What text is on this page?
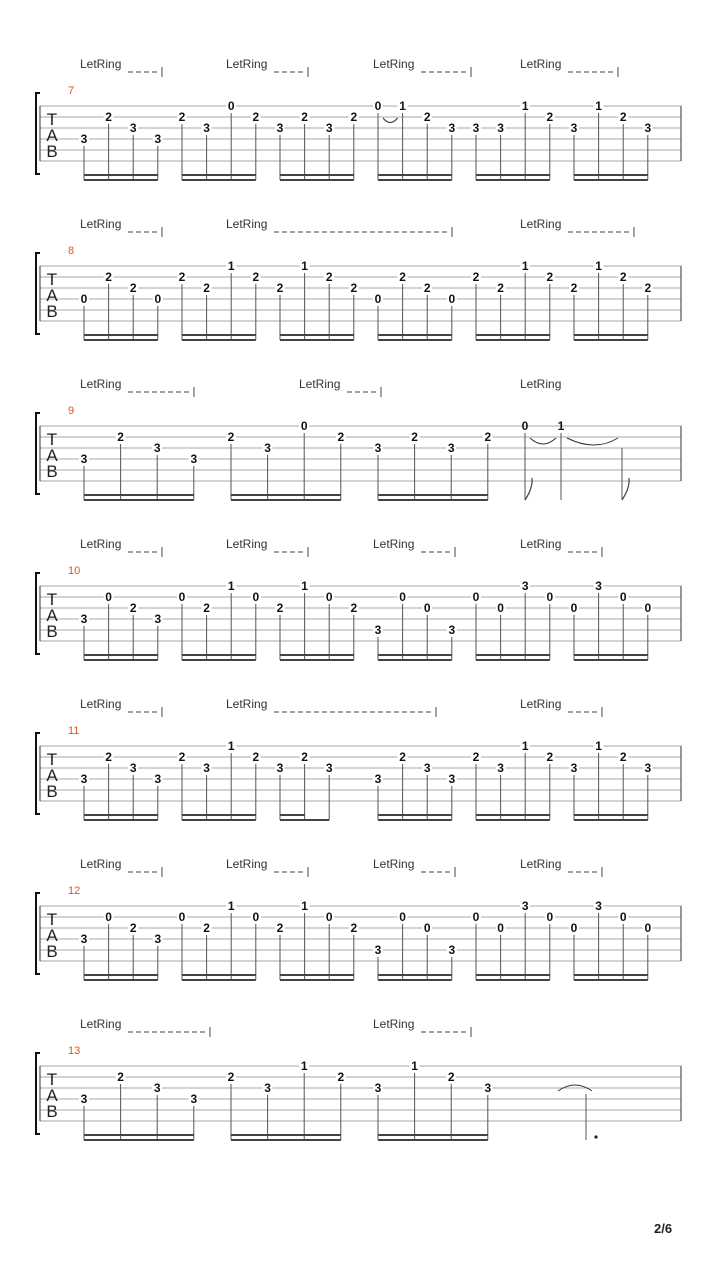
T
A
B
7
LetRing	LetRing	LetRing	LetRing
3
2
3
3
2
3
0
2
3
2
3
2
0 1
2
3 3 3
1
2
3
1
2
3
T
A
B
8
LetRing	LetRing	LetRing
0
2
2
0
2
2
1
2
2
1
2
2
0
2
2
0
2
2
1
2
2
1
2
2
T
A
B
9
LetRing	LetRing	LetRing
3
2
3
3
2
3
0
2
3
2
3
2
0 1
T
A
B
10
LetRing	LetRing	LetRing	LetRing
3
0
2
3
0
2
1
0
2
1
0
2
3
0
0
3
0
0
3
0
0
3
0
0
T
A
B
11
LetRing	LetRing	LetRing
3
2
3
3
2
3
1
2
3
2
3
3
2
3
3
2
3
1
2
3
1
2
3
T
A
B
12
LetRing	LetRing	LetRing	LetRing
3
0
2
3
0
2
1
0
2
1
0
2
3
0
0
3
0
0
3
0
0
3
0
0
T
A
B
13
LetRing	LetRing
3
2
3
3
2
3
1
2
3
1
2
3
2/6
